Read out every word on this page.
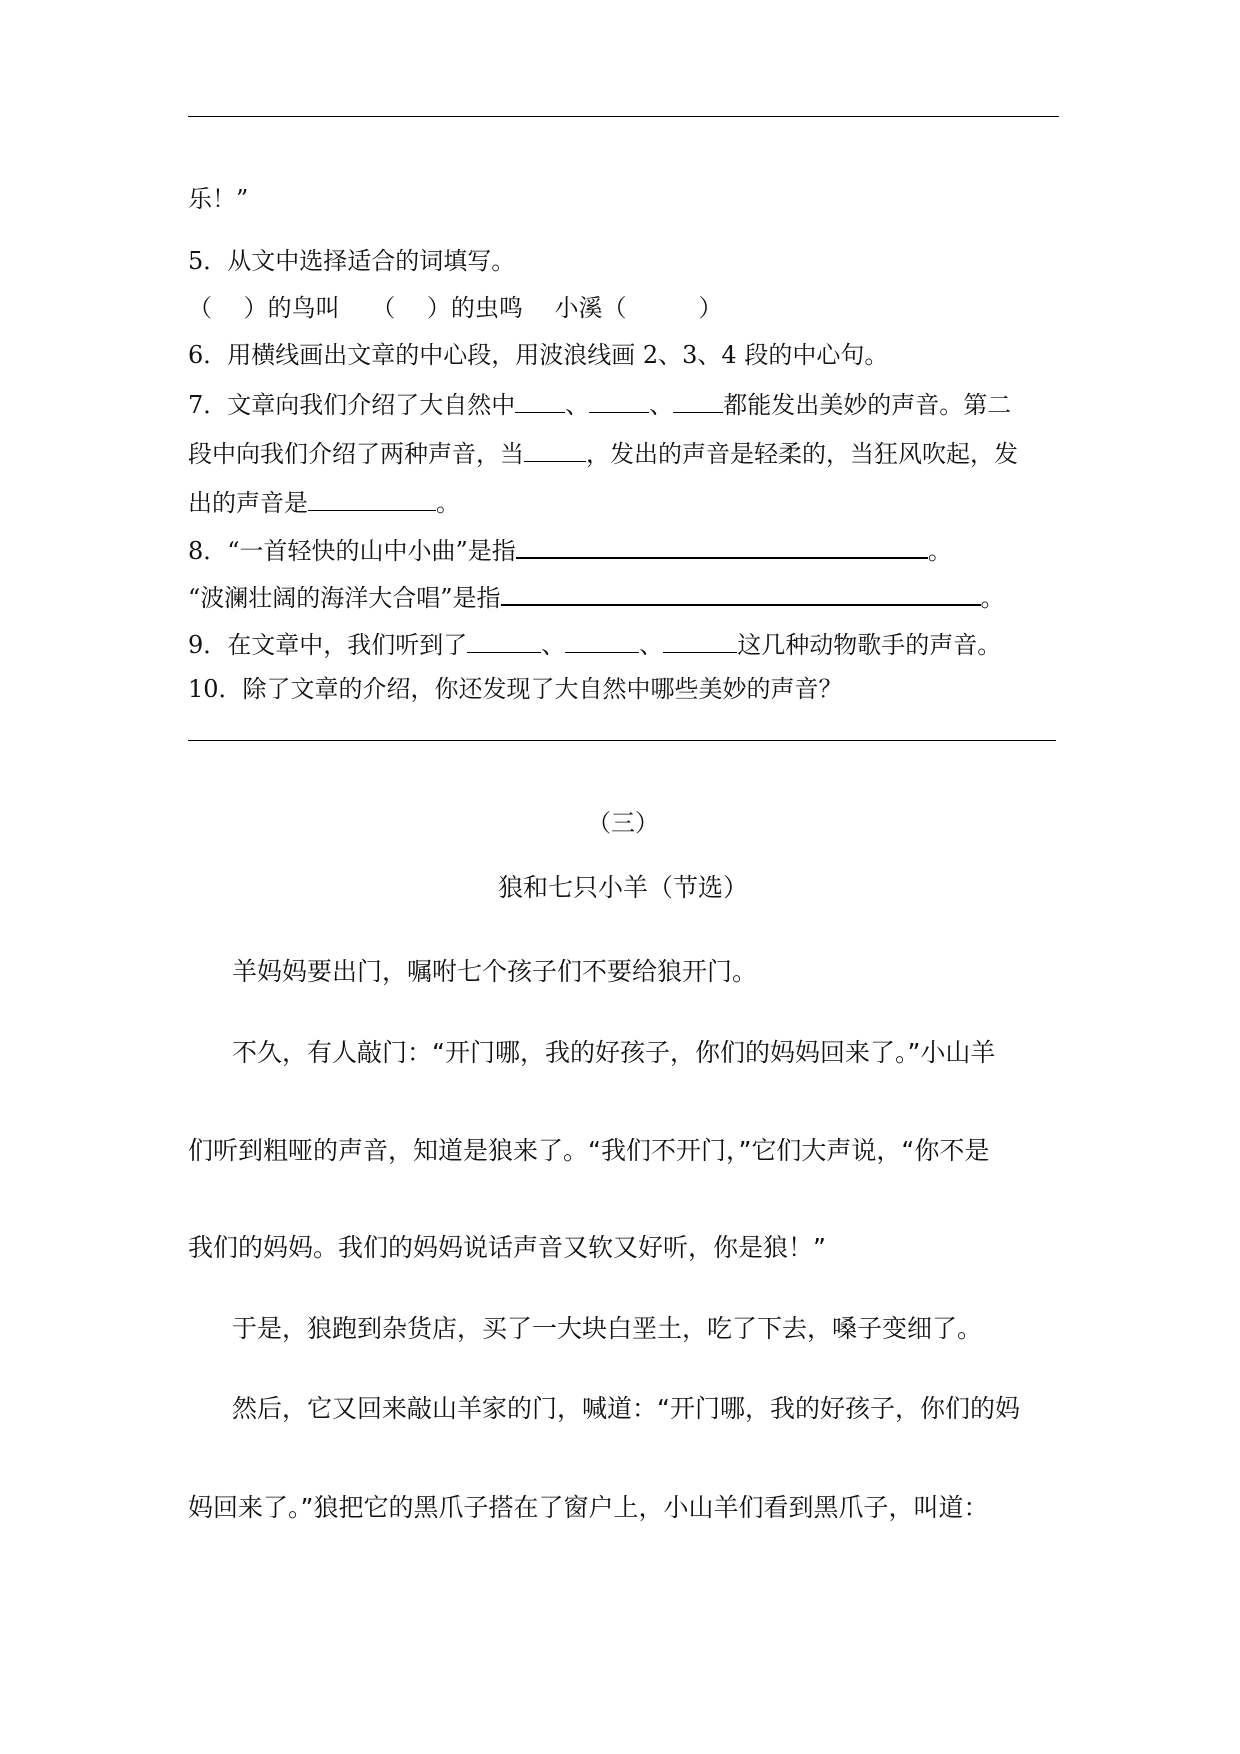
乐！”
5．从文中选择适合的词填写。
（　 ）的鸟叫　 （　 ）的虫鸣　 小溪（　　　）
6．用横线画出文章的中心段，用波浪线画 2、3、4 段的中心句。
7．文章向我们介绍了大自然中 、	、 都能发出美妙的声音。第二
段中向我们介绍了两种声音，当	，发出的声音是轻柔的，当狂风吹起，发
出的声音是	。
8．“一首轻快的山中小曲”是指	。
“波澜壮阔的海洋大合唱”是指	。
9．在文章中，我们听到了	、	、	这几种动物歌手的声音。
10．除了文章的介绍，你还发现了大自然中哪些美妙的声音？
（三）
狼和七只小羊（节选）
羊妈妈要出门，嘱咐七个孩子们不要给狼开门。
不久，有人敲门：“开门哪，我的好孩子，你们的妈妈回来了。”小山羊
们听到粗哑的声音，知道是狼来了。“我们不开门，”它们大声说，“你不是
我们的妈妈。我们的妈妈说话声音又软又好听，你是狼！”
于是，狼跑到杂货店，买了一大块白垩土，吃了下去，嗓子变细了。
然后，它又回来敲山羊家的门，喊道：“开门哪，我的好孩子，你们的妈
妈回来了。”狼把它的黑爪子搭在了窗户上，小山羊们看到黑爪子，叫道：
